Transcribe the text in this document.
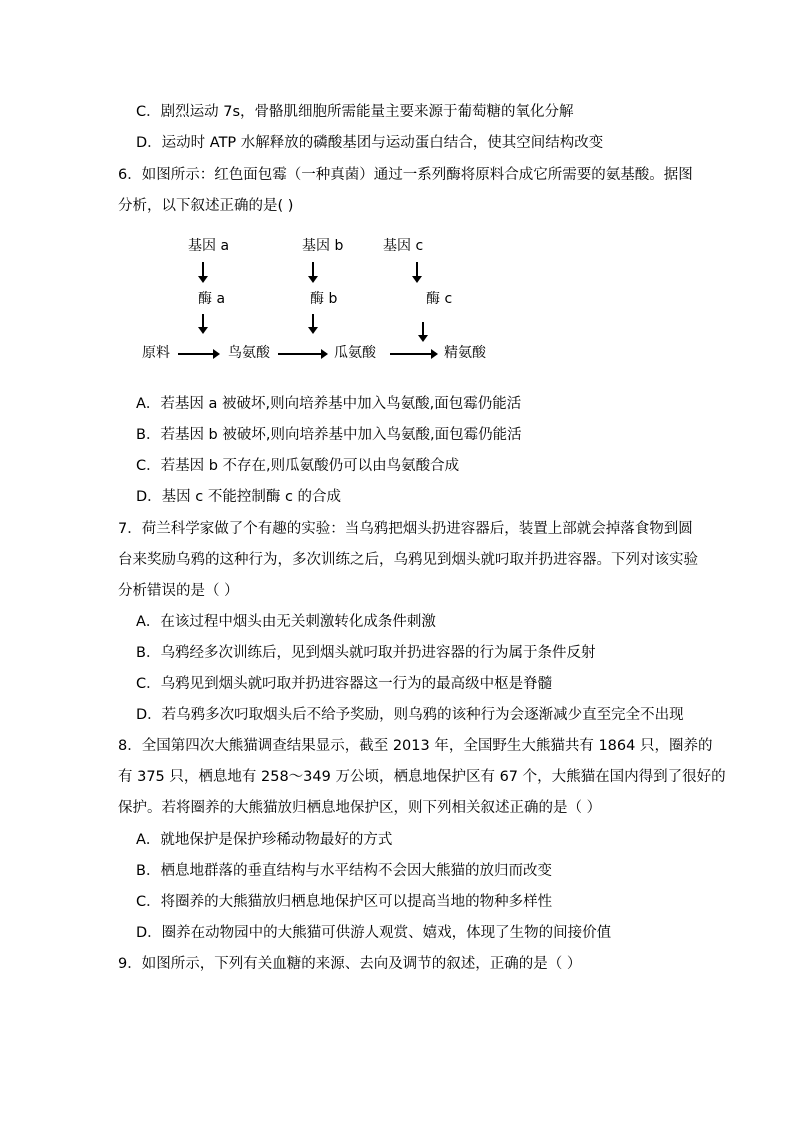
C．剧烈运动 7s，骨骼肌细胞所需能量主要来源于葡萄糖的氧化分解
D．运动时 ATP 水解释放的磷酸基团与运动蛋白结合，使其空间结构改变
6．如图所示：红色面包霉（一种真菌）通过一系列酶将原料合成它所需要的氨基酸。据图
分析，以下叙述正确的是( )
基因 a	基因 b	基因 c
酶 a	酶 b	酶 c
原料	鸟氨酸	瓜氨酸	精氨酸
A．若基因 a 被破坏,则向培养基中加入鸟氨酸,面包霉仍能活
B．若基因 b 被破坏,则向培养基中加入鸟氨酸,面包霉仍能活
C．若基因 b 不存在,则瓜氨酸仍可以由鸟氨酸合成
D．基因 c 不能控制酶 c 的合成
7．荷兰科学家做了个有趣的实验：当乌鸦把烟头扔进容器后，装置上部就会掉落食物到圆
台来奖励乌鸦的这种行为，多次训练之后，乌鸦见到烟头就叼取并扔进容器。下列对该实验
分析错误的是（ ）
A．在该过程中烟头由无关刺激转化成条件刺激
B．乌鸦经多次训练后，见到烟头就叼取并扔进容器的行为属于条件反射
C．乌鸦见到烟头就叼取并扔进容器这一行为的最高级中枢是脊髓
D．若乌鸦多次叼取烟头后不给予奖励，则乌鸦的该种行为会逐渐减少直至完全不出现
8．全国第四次大熊猫调查结果显示，截至 2013 年，全国野生大熊猫共有 1864 只，圈养的
有 375 只，栖息地有 258～349 万公顷，栖息地保护区有 67 个，大熊猫在国内得到了很好的
保护。若将圈养的大熊猫放归栖息地保护区，则下列相关叙述正确的是（ ）
A．就地保护是保护珍稀动物最好的方式
B．栖息地群落的垂直结构与水平结构不会因大熊猫的放归而改变
C．将圈养的大熊猫放归栖息地保护区可以提高当地的物种多样性
D．圈养在动物园中的大熊猫可供游人观赏、嬉戏，体现了生物的间接价值
9．如图所示，下列有关血糖的来源、去向及调节的叙述，正确的是（ ）
